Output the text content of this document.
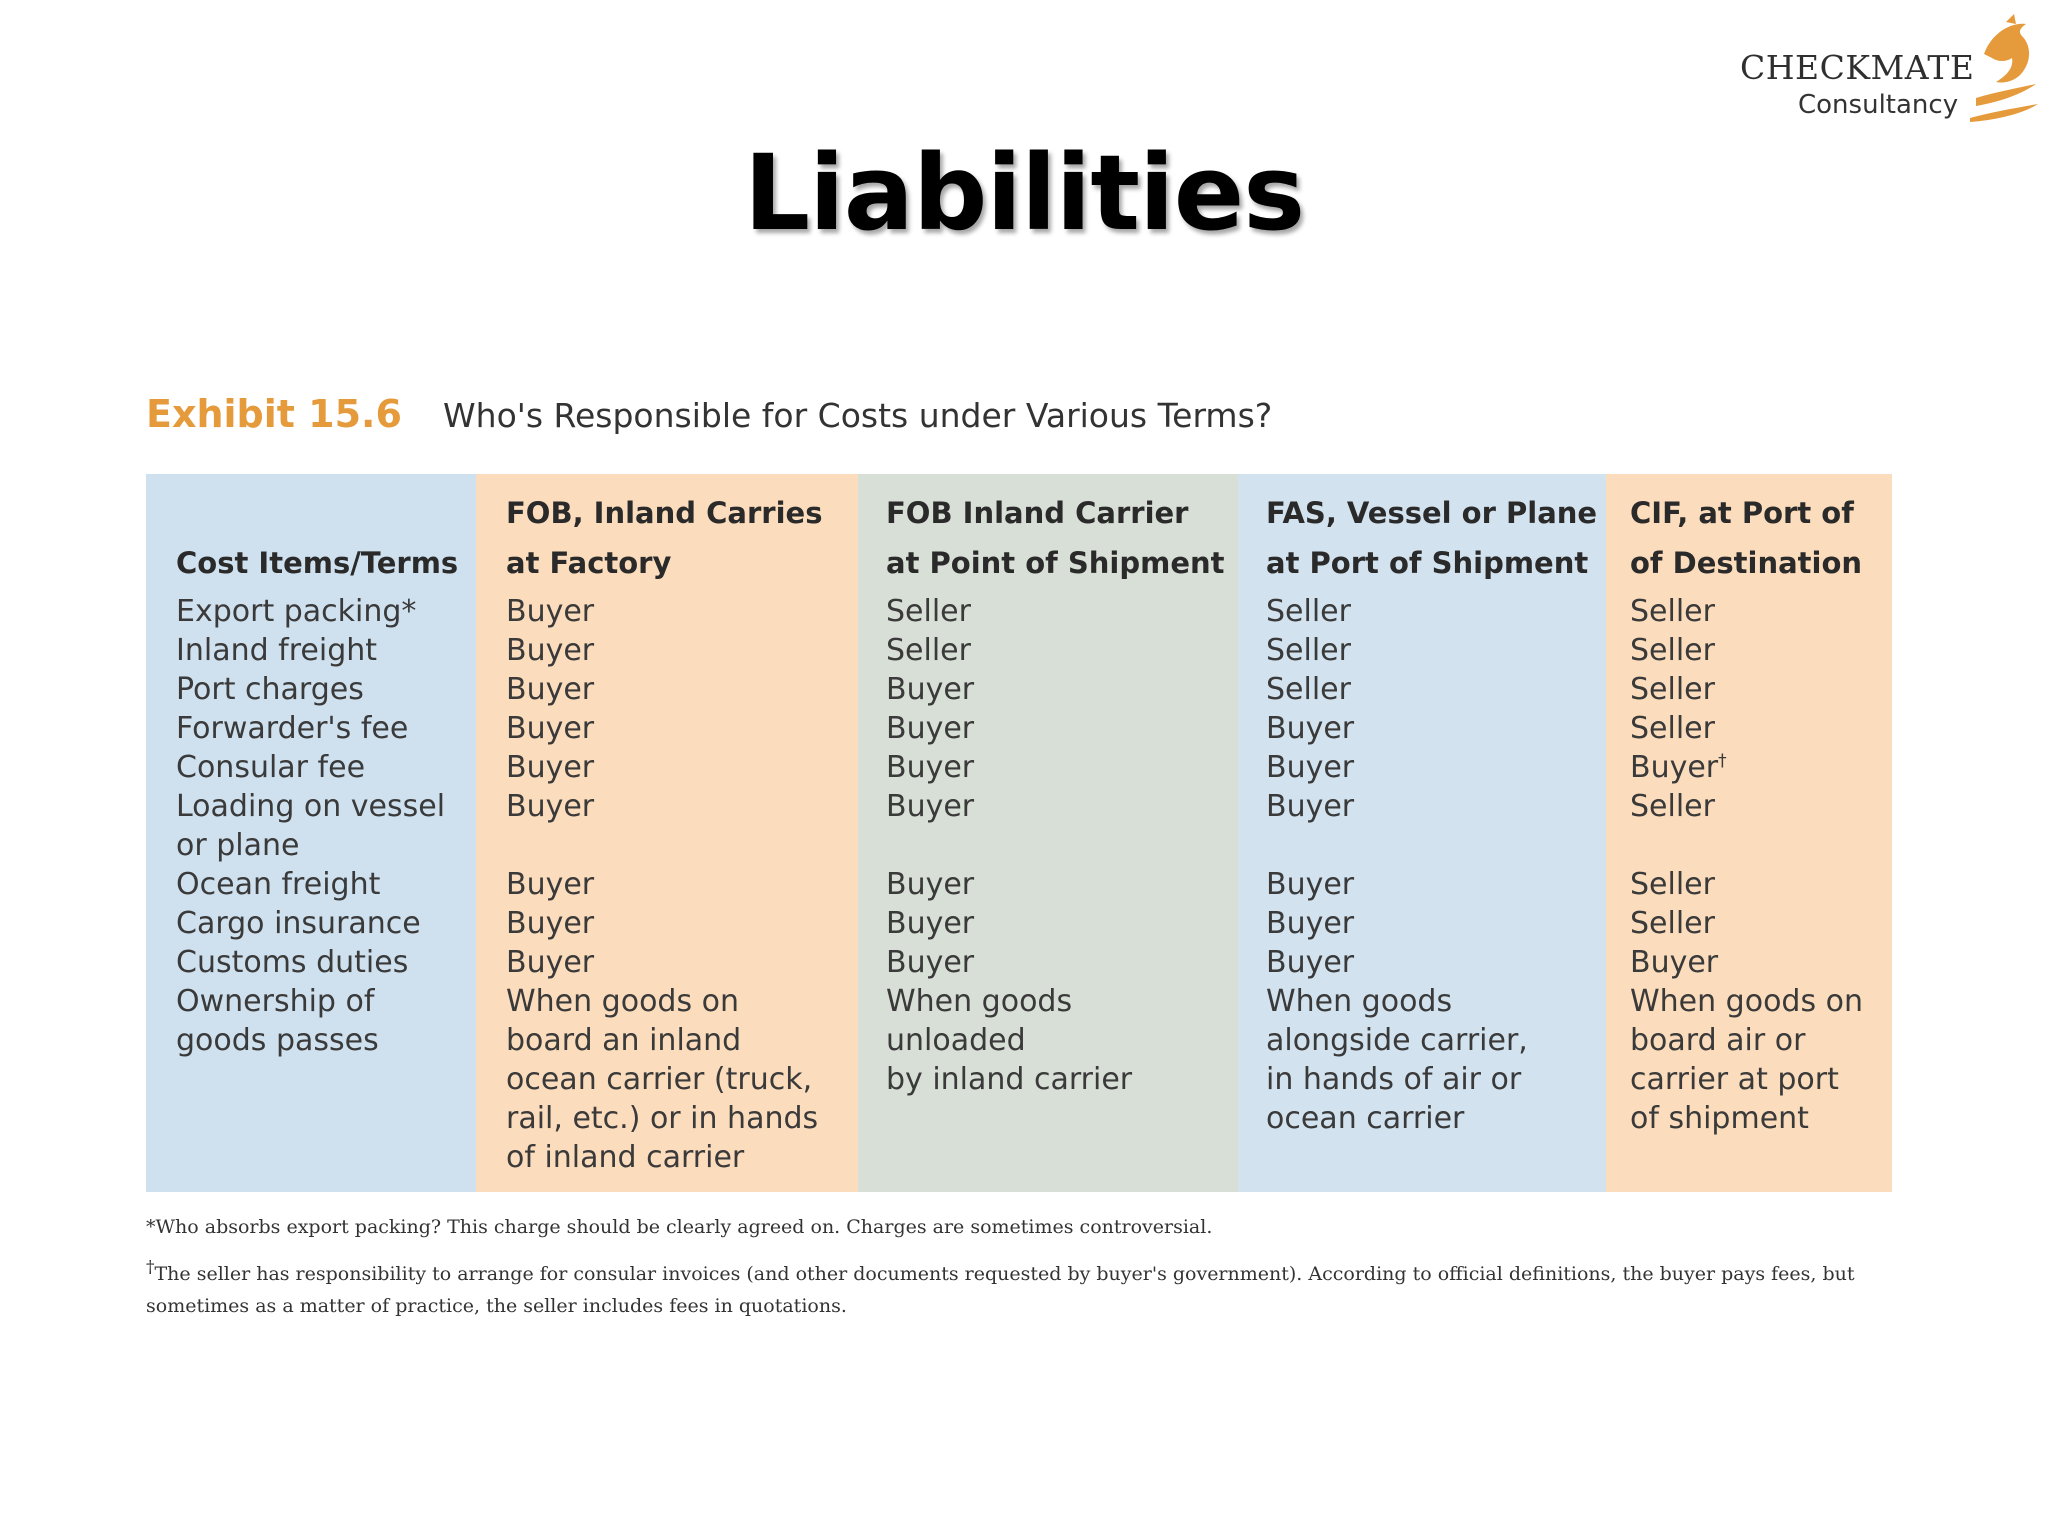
CHECKMATE
Consultancy
Liabilities
Exhibit 15.6 Who's Responsible for Costs under Various Terms?
Cost Items/Terms
Export packing*
Inland freight
Port charges
Forwarder's fee
Consular fee
Loading on vessel
or plane
Ocean freight
Cargo insurance
Customs duties
Ownership of
goods passes
FOB, Inland Carries
at Factory
Buyer
Buyer
Buyer
Buyer
Buyer
Buyer

Buyer
Buyer
Buyer
When goods on
board an inland
ocean carrier (truck,
rail, etc.) or in hands
of inland carrier
FOB Inland Carrier
at Point of Shipment
Seller
Seller
Buyer
Buyer
Buyer
Buyer

Buyer
Buyer
Buyer
When goods
unloaded
by inland carrier
FAS, Vessel or Plane
at Port of Shipment
Seller
Seller
Seller
Buyer
Buyer
Buyer

Buyer
Buyer
Buyer
When goods
alongside carrier,
in hands of air or
ocean carrier
CIF, at Port of
of Destination
Seller
Seller
Seller
Seller
Buyer†
Seller

Seller
Seller
Buyer
When goods on
board air or
carrier at port
of shipment
*Who absorbs export packing? This charge should be clearly agreed on. Charges are sometimes controversial.
†The seller has responsibility to arrange for consular invoices (and other documents requested by buyer's government). According to official definitions, the buyer pays fees, but sometimes as a matter of practice, the seller includes fees in quotations.
